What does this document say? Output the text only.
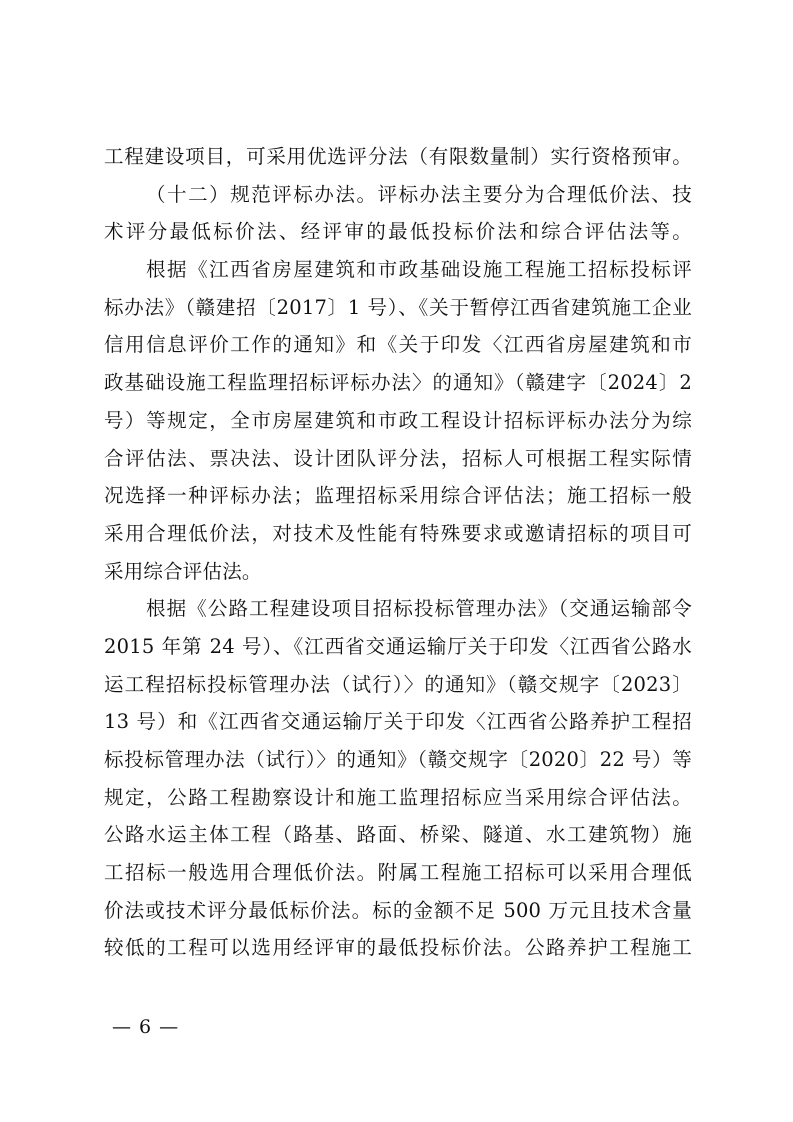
工程建设项目，可采用优选评分法（有限数量制）实行资格预审。
（十二）规范评标办法。评标办法主要分为合理低价法、技
术评分最低标价法、经评审的最低投标价法和综合评估法等。
根据《江西省房屋建筑和市政基础设施工程施工招标投标评
标办法》（赣建招〔2017〕1 号）、《关于暂停江西省建筑施工企业
信用信息评价工作的通知》和《关于印发〈江西省房屋建筑和市
政基础设施工程监理招标评标办法〉的通知》（赣建字〔2024〕2
号）等规定，全市房屋建筑和市政工程设计招标评标办法分为综
合评估法、票决法、设计团队评分法，招标人可根据工程实际情
况选择一种评标办法；监理招标采用综合评估法；施工招标一般
采用合理低价法，对技术及性能有特殊要求或邀请招标的项目可
采用综合评估法。
根据《公路工程建设项目招标投标管理办法》（交通运输部令
2015 年第 24 号）、《江西省交通运输厅关于印发〈江西省公路水
运工程招标投标管理办法（试行）〉的通知》（赣交规字〔2023〕
13 号）和《江西省交通运输厅关于印发〈江西省公路养护工程招
标投标管理办法（试行）〉的通知》（赣交规字〔2020〕22 号）等
规定，公路工程勘察设计和施工监理招标应当采用综合评估法。
公路水运主体工程（路基、路面、桥梁、隧道、水工建筑物）施
工招标一般选用合理低价法。附属工程施工招标可以采用合理低
价法或技术评分最低标价法。标的金额不足 500 万元且技术含量
较低的工程可以选用经评审的最低投标价法。公路养护工程施工
— 6 —
